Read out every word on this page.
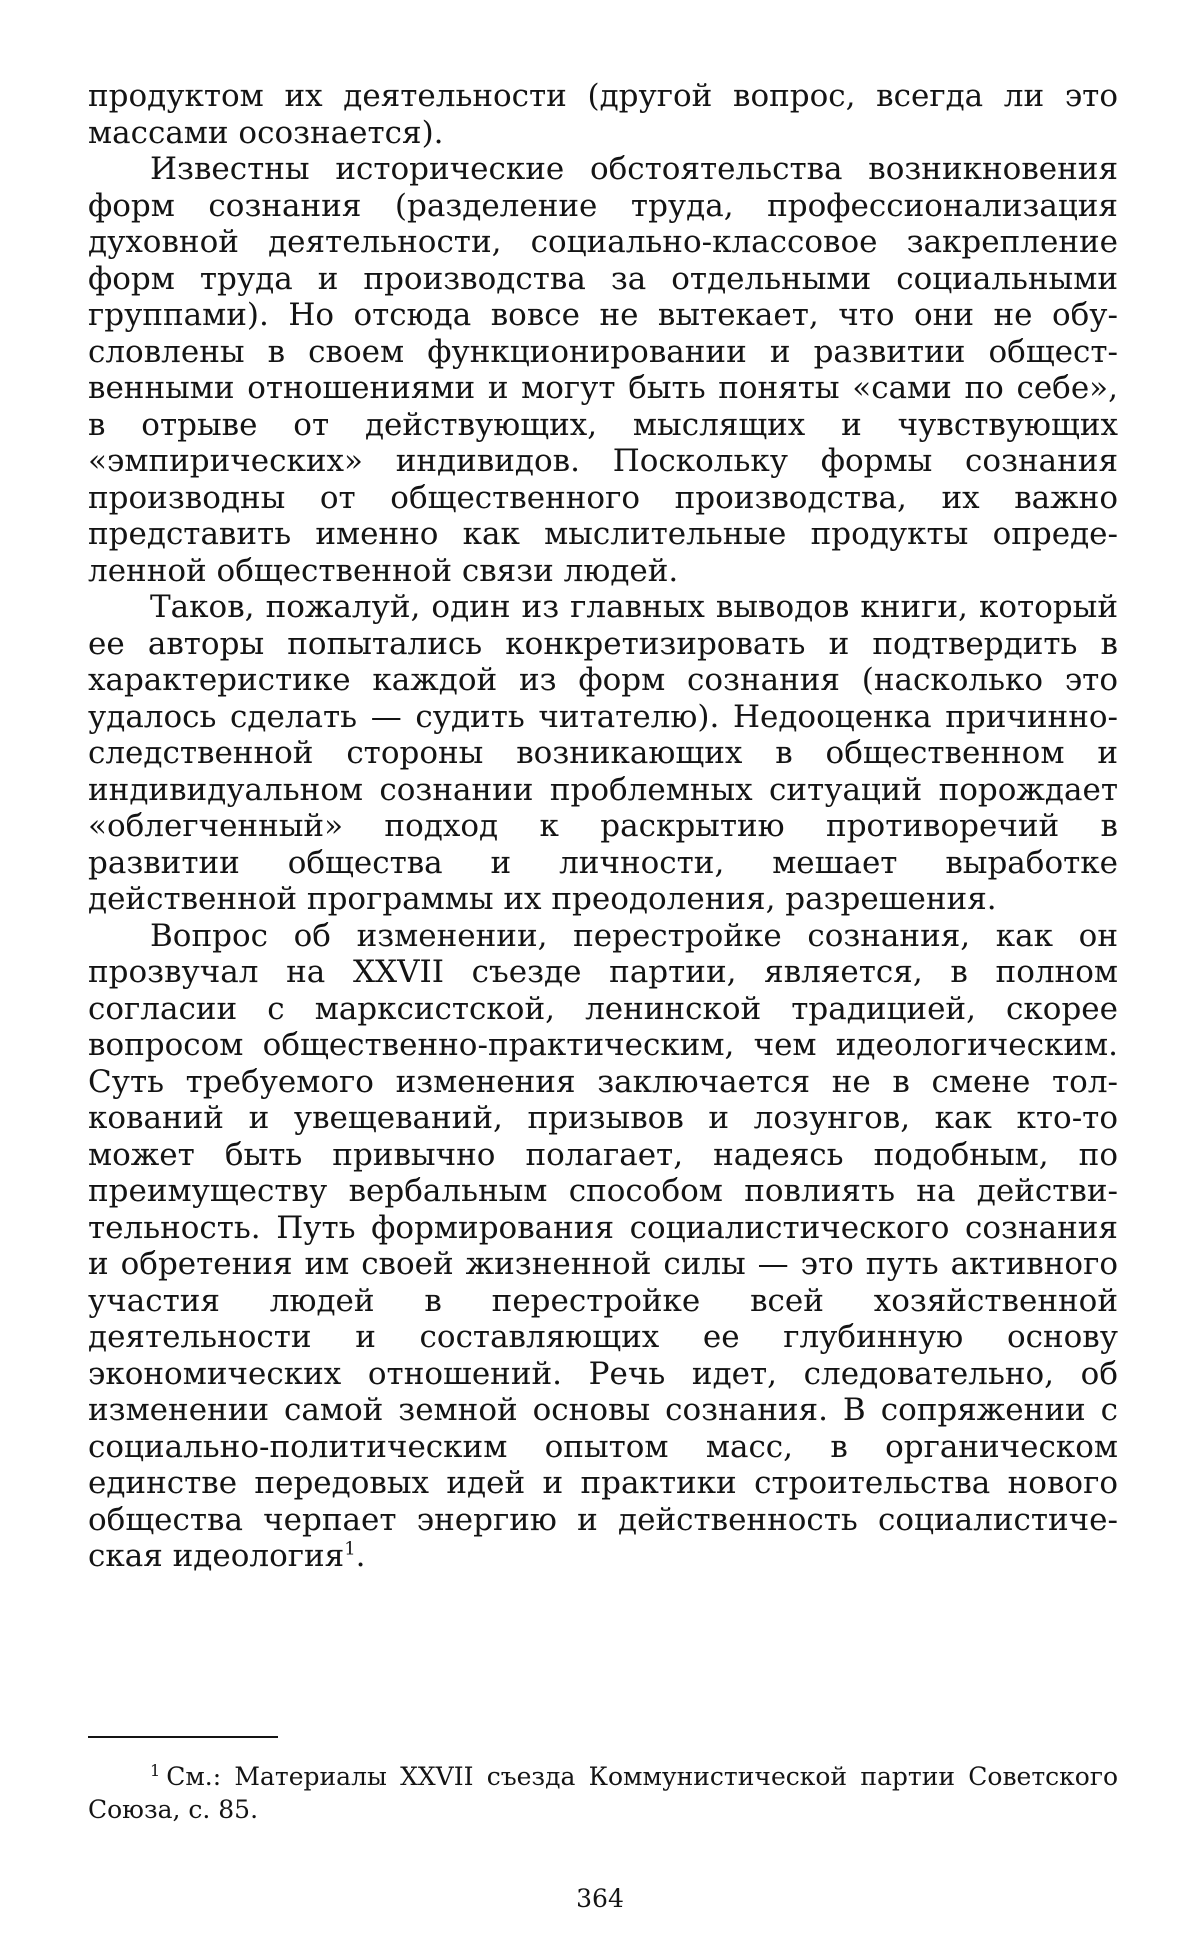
продуктом их деятельности (другой вопрос, всегда ли это массами осознается).

Известны исторические обстоятельства возникновения форм сознания (разделение труда, профессионализация духовной деятельности, социально-классовое закрепление форм труда и производства за отдельными социальными группами). Но отсюда вовсе не вытекает, что они не обусловлены в своем функционировании и развитии общественными отношениями и могут быть поняты «сами по себе», в отрыве от действующих, мыслящих и чувствующих «эмпирических» индивидов. Поскольку формы сознания производны от общественного производства, их важно представить именно как мыслительные продукты определенной общественной связи людей.

Таков, пожалуй, один из главных выводов книги, который ее авторы попытались конкретизировать и подтвердить в характеристике каждой из форм сознания (насколько это удалось сделать — судить читателю). Недооценка причинно-следственной стороны возникающих в общественном и индивидуальном сознании проблемных ситуаций порождает «облегченный» подход к раскрытию противоречий в развитии общества и личности, мешает выработке действенной программы их преодоления, разрешения.

Вопрос об изменении, перестройке сознания, как он прозвучал на XXVII съезде партии, является, в полном согласии с марксистской, ленинской традицией, скорее вопросом общественно-практическим, чем идеологическим. Суть требуемого изменения заключается не в смене толкований и увещеваний, призывов и лозунгов, как кто-то может быть привычно полагает, надеясь подобным, по преимуществу вербальным способом повлиять на действительность. Путь формирования социалистического сознания и обретения им своей жизненной силы — это путь активного участия людей в перестройке всей хозяйственной деятельности и составляющих ее глубинную основу экономических отношений. Речь идет, следовательно, об изменении самой земной основы сознания. В сопряжении с социально-политическим опытом масс, в органическом единстве передовых идей и практики строительства нового общества черпает энергию и действенность социалистическая идеология$^1$.

$^1$ См.: Материалы XXVII съезда Коммунистической партии Советского Союза, с. 85.

364
